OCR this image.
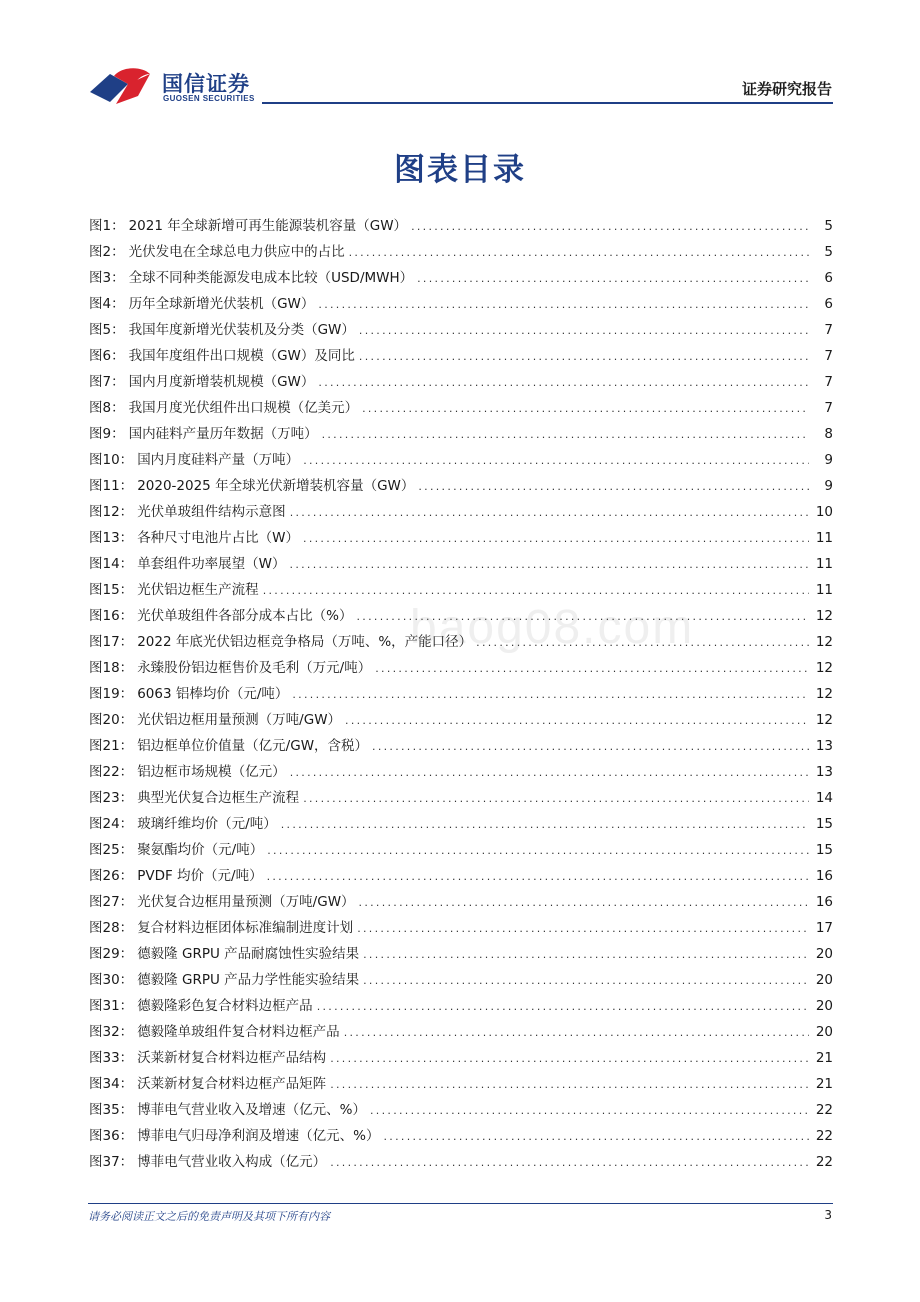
国信证券
GUOSEN SECURITIES
证券研究报告
图表目录
图1： 2021 年全球新增可再生能源装机容量（GW） . . .	5
图2： 光伏发电在全球总电力供应中的占比 . . .	5
图3： 全球不同种类能源发电成本比较（USD/MWH） . . .	6
图4： 历年全球新增光伏装机（GW） . . .	6
图5： 我国年度新增光伏装机及分类（GW） . . .	7
图6： 我国年度组件出口规模（GW）及同比 . . .	7
图7： 国内月度新增装机规模（GW） . . .	7
图8： 我国月度光伏组件出口规模（亿美元） . . .	7
图9： 国内硅料产量历年数据（万吨） . . .	8
图10： 国内月度硅料产量（万吨） . . .	9
图11： 2020-2025 年全球光伏新增装机容量（GW） . . .	9
图12： 光伏单玻组件结构示意图 . . .	10
图13： 各种尺寸电池片占比（W） . . .	11
图14： 单套组件功率展望（W） . . .	11
图15： 光伏铝边框生产流程 . . .	11
图16： 光伏单玻组件各部分成本占比（%） . . .	12
图17： 2022 年底光伏铝边框竞争格局（万吨、%，产能口径） . . .	12
图18： 永臻股份铝边框售价及毛利（万元/吨） . . .	12
图19： 6063 铝棒均价（元/吨） . . .	12
图20： 光伏铝边框用量预测（万吨/GW） . . .	12
图21： 铝边框单位价值量（亿元/GW，含税） . . .	13
图22： 铝边框市场规模（亿元） . . .	13
图23： 典型光伏复合边框生产流程 . . .	14
图24： 玻璃纤维均价（元/吨） . . .	15
图25： 聚氨酯均价（元/吨） . . .	15
图26： PVDF 均价（元/吨） . . .	16
图27： 光伏复合边框用量预测（万吨/GW） . . .	16
图28： 复合材料边框团体标准编制进度计划 . . .	17
图29： 德毅隆 GRPU 产品耐腐蚀性实验结果 . . .	20
图30： 德毅隆 GRPU 产品力学性能实验结果 . . .	20
图31： 德毅隆彩色复合材料边框产品 . . .	20
图32： 德毅隆单玻组件复合材料边框产品 . . .	20
图33： 沃莱新材复合材料边框产品结构 . . .	21
图34： 沃莱新材复合材料边框产品矩阵 . . .	21
图35： 博菲电气营业收入及增速（亿元、%） . . .	22
图36： 博菲电气归母净利润及增速（亿元、%） . . .	22
图37： 博菲电气营业收入构成（亿元） . . .	22
baog08.com
请务必阅读正文之后的免责声明及其项下所有内容	3
